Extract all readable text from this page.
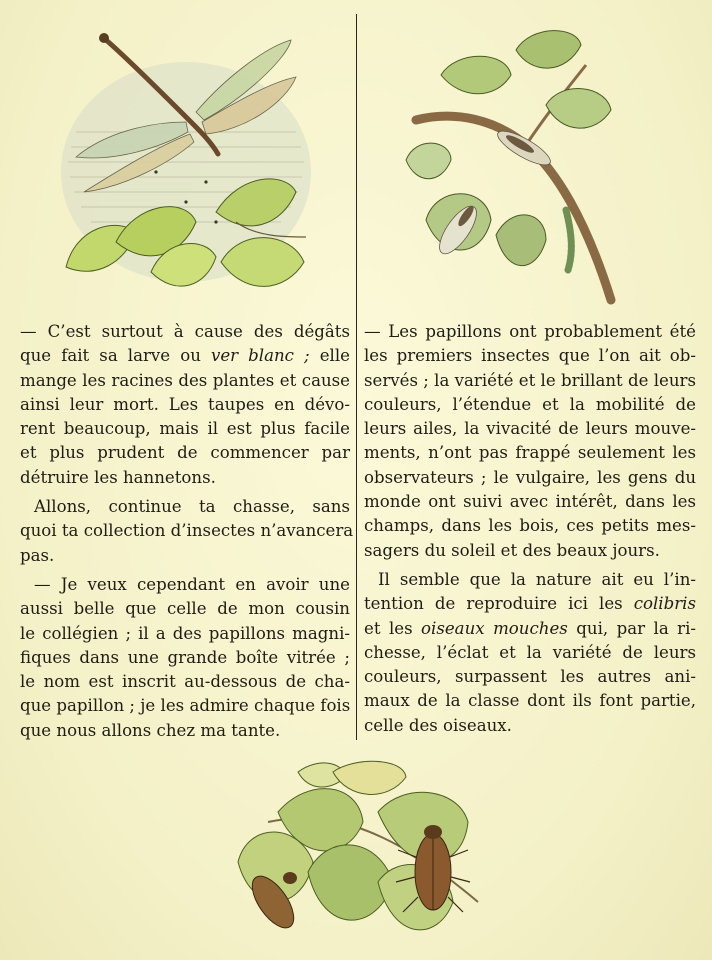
— C’est surtout à cause des dégâts
que fait sa larve ou ver blanc ; elle
mange les racines des plantes et cause
ainsi leur mort. Les taupes en dévo-
rent beaucoup, mais il est plus facile
et plus prudent de commencer par
détruire les hannetons.

Allons, continue ta chasse, sans
quoi ta collection d’insectes n’avancera
pas.

— Je veux cependant en avoir une
aussi belle que celle de mon cousin
le collégien ; il a des papillons magni-
fiques dans une grande boîte vitrée ;
le nom est inscrit au-dessous de cha-
que papillon ; je les admire chaque fois
que nous allons chez ma tante.

— Les papillons ont probablement été
les premiers insectes que l’on ait ob-
servés ; la variété et le brillant de leurs
couleurs, l’étendue et la mobilité de
leurs ailes, la vivacité de leurs mouve-
ments, n’ont pas frappé seulement les
observateurs ; le vulgaire, les gens du
monde ont suivi avec intérêt, dans les
champs, dans les bois, ces petits mes-
sagers du soleil et des beaux jours.

Il semble que la nature ait eu l’in-
tention de reproduire ici les colibris
et les oiseaux mouches qui, par la ri-
chesse, l’éclat et la variété de leurs
couleurs, surpassent les autres ani-
maux de la classe dont ils font partie,
celle des oiseaux.
